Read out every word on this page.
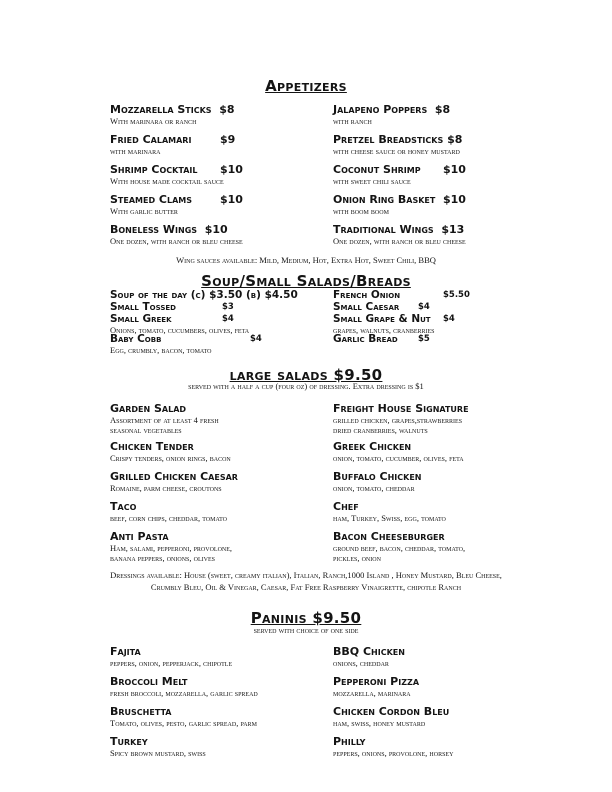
Appetizers
Mozzarella Sticks $8
With marinara or ranch
Jalapeno Poppers $8
with ranch
Fried Calamari	$9
with marinara
Pretzel Breadsticks $8
with cheese sauce or honey mustard
Shrimp Cocktail $10
With house made cocktail sauce
Coconut Shrimp $10
with sweet chili sauce
Steamed Clams	$10
With garlic butter
Onion Ring Basket $10
with boom boom
Boneless Wings $10
One dozen, with ranch or bleu cheese
Traditional Wings $13
One dozen, with ranch or bleu cheese
Wing sauces available: Mild, Medium, Hot, Extra Hot, Sweet Chili, BBQ
Soup/Small Salads/Breads
Soup of the day (c) $3.50 (b) $4.50
Small Tossed	$3
Small Greek	$4
Onions, tomato, cucumbers, olives, feta
Baby Cobb	$4
Egg, crumbly, bacon, tomato
French Onion	$5.50
Small Caesar $4
Small Grape & Nut $4
grapes, walnuts, cranberries
Garlic Bread $5
large salads $9.50
served with a half a cup (four oz) of dressing. Extra dressing is $1
Garden Salad
Assortment of at least 4 fresh
seasonal vegetables
Freight House Signature
grilled chicken, grapes,strawberries
dried cranberries, walnuts
Chicken Tender
Crispy tenders, onion rings, bacon
Greek Chicken
onion, tomato, cucumber, olives, feta
Grilled Chicken Caesar
Romaine, parm cheese, croutons
Buffalo Chicken
onion, tomato, cheddar
Taco
beef, corn chips, cheddar, tomato
Chef
ham, Turkey, Swiss, egg, tomato
Anti Pasta
Ham, salami, pepperoni, provolone,
banana peppers, onions, olives
Bacon Cheeseburger
ground beef, bacon, cheddar, tomato,
pickles, onion
Dressings available: House (sweet, creamy italian), Italian, Ranch,1000 Island , Honey Mustard, Bleu Cheese, Crumbly Bleu, Oil & Vinegar, Caesar, Fat Free Raspberry Vinaigrette, chipotle Ranch
Paninis $9.50
served with choice of one side
Fajita
peppers, onion, pepperjack, chipotle
BBQ Chicken
onions, cheddar
Broccoli Melt
fresh broccoli, mozzarella, garlic spread
Pepperoni Pizza
mozzarella, marinara
Bruschetta
Tomato, olives, pesto, garlic spread, parm
Chicken Cordon Bleu
ham, swiss, honey mustard
Turkey
Spicy brown mustard, swiss
Philly
peppers, onions, provolone, horsey
